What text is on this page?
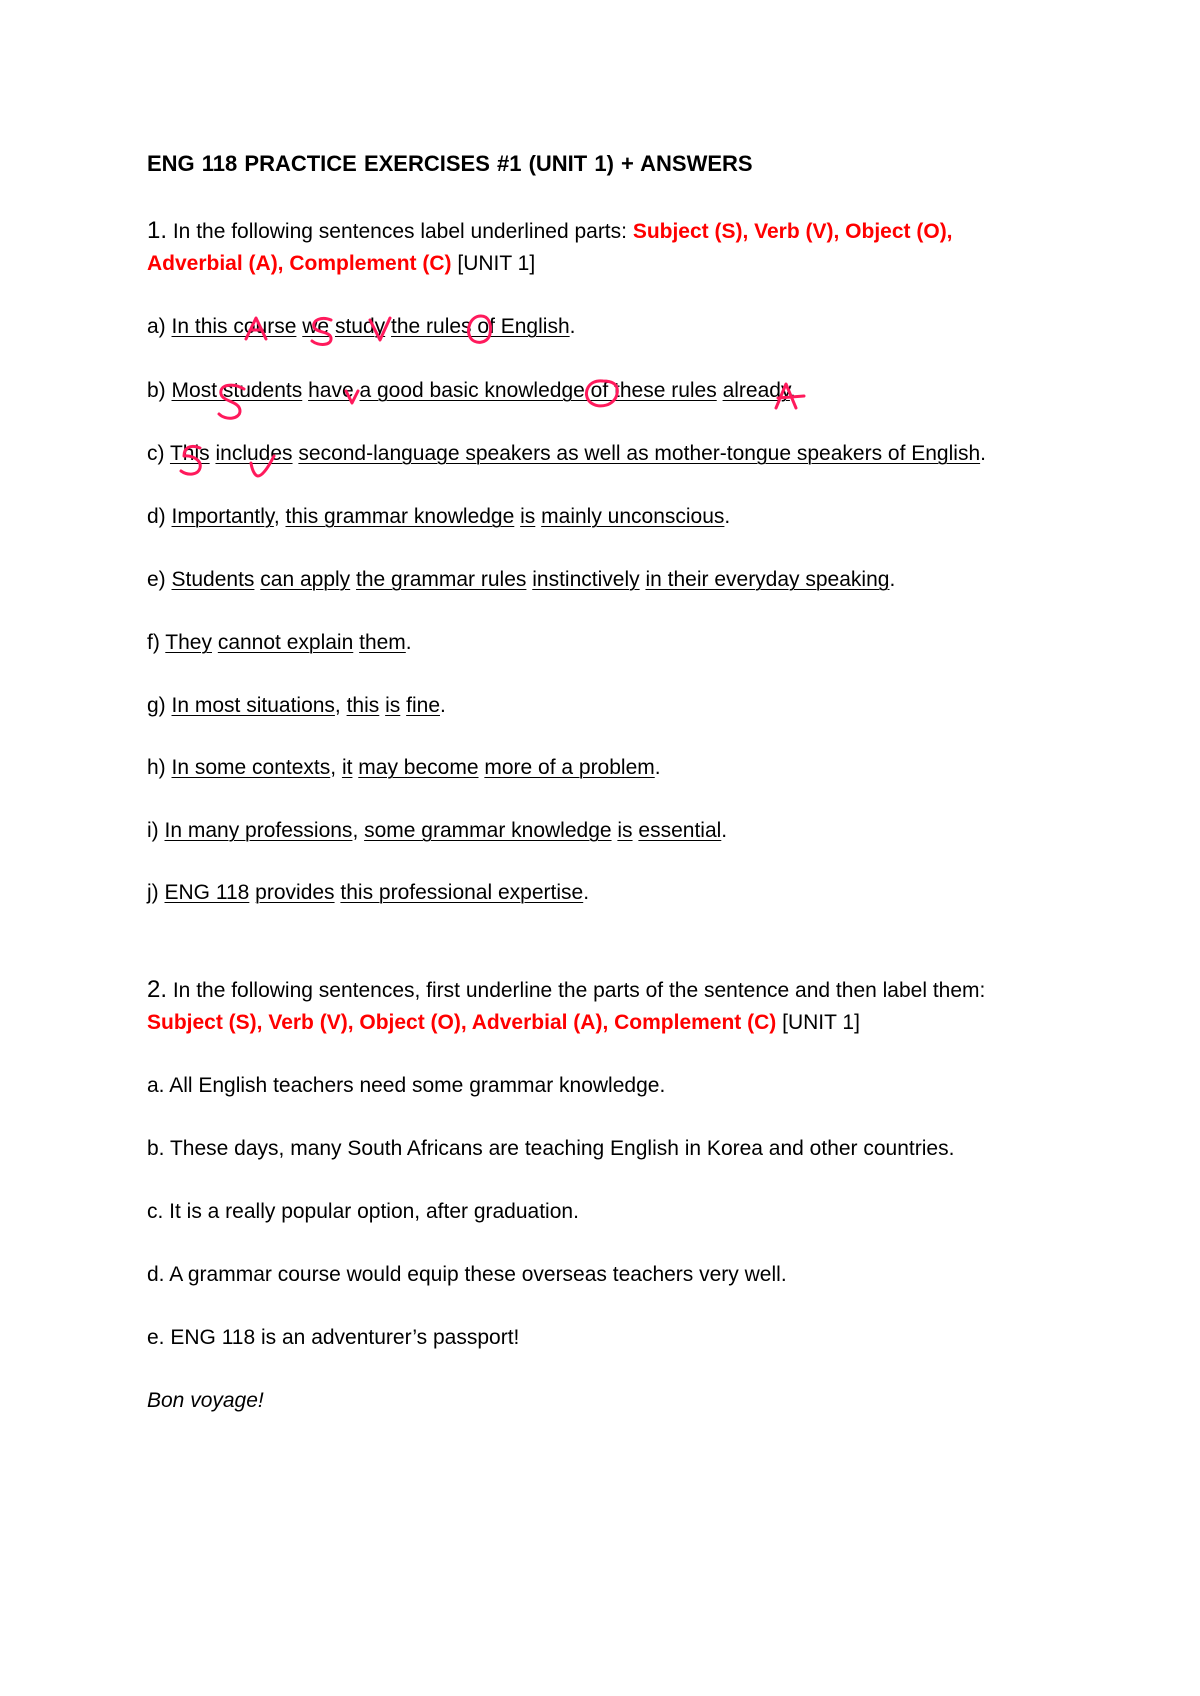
ENG 118 PRACTICE EXERCISES #1 (UNIT 1) + ANSWERS
1. In the following sentences label underlined parts: Subject (S), Verb (V), Object (O),
Adverbial (A), Complement (C) [UNIT 1]
a) In this course we study the rules of English.
b) Most students have a good basic knowledge of these rules already.
c) This includes second-language speakers as well as mother-tongue speakers of English.
d) Importantly, this grammar knowledge is mainly unconscious.
e) Students can apply the grammar rules instinctively in their everyday speaking.
f) They cannot explain them.
g) In most situations, this is fine.
h) In some contexts, it may become more of a problem.
i) In many professions, some grammar knowledge is essential.
j) ENG 118 provides this professional expertise.
2. In the following sentences, first underline the parts of the sentence and then label them:
Subject (S), Verb (V), Object (O), Adverbial (A), Complement (C) [UNIT 1]
a. All English teachers need some grammar knowledge.
b. These days, many South Africans are teaching English in Korea and other countries.
c. It is a really popular option, after graduation.
d. A grammar course would equip these overseas teachers very well.
e. ENG 118 is an adventurer’s passport!
Bon voyage!
